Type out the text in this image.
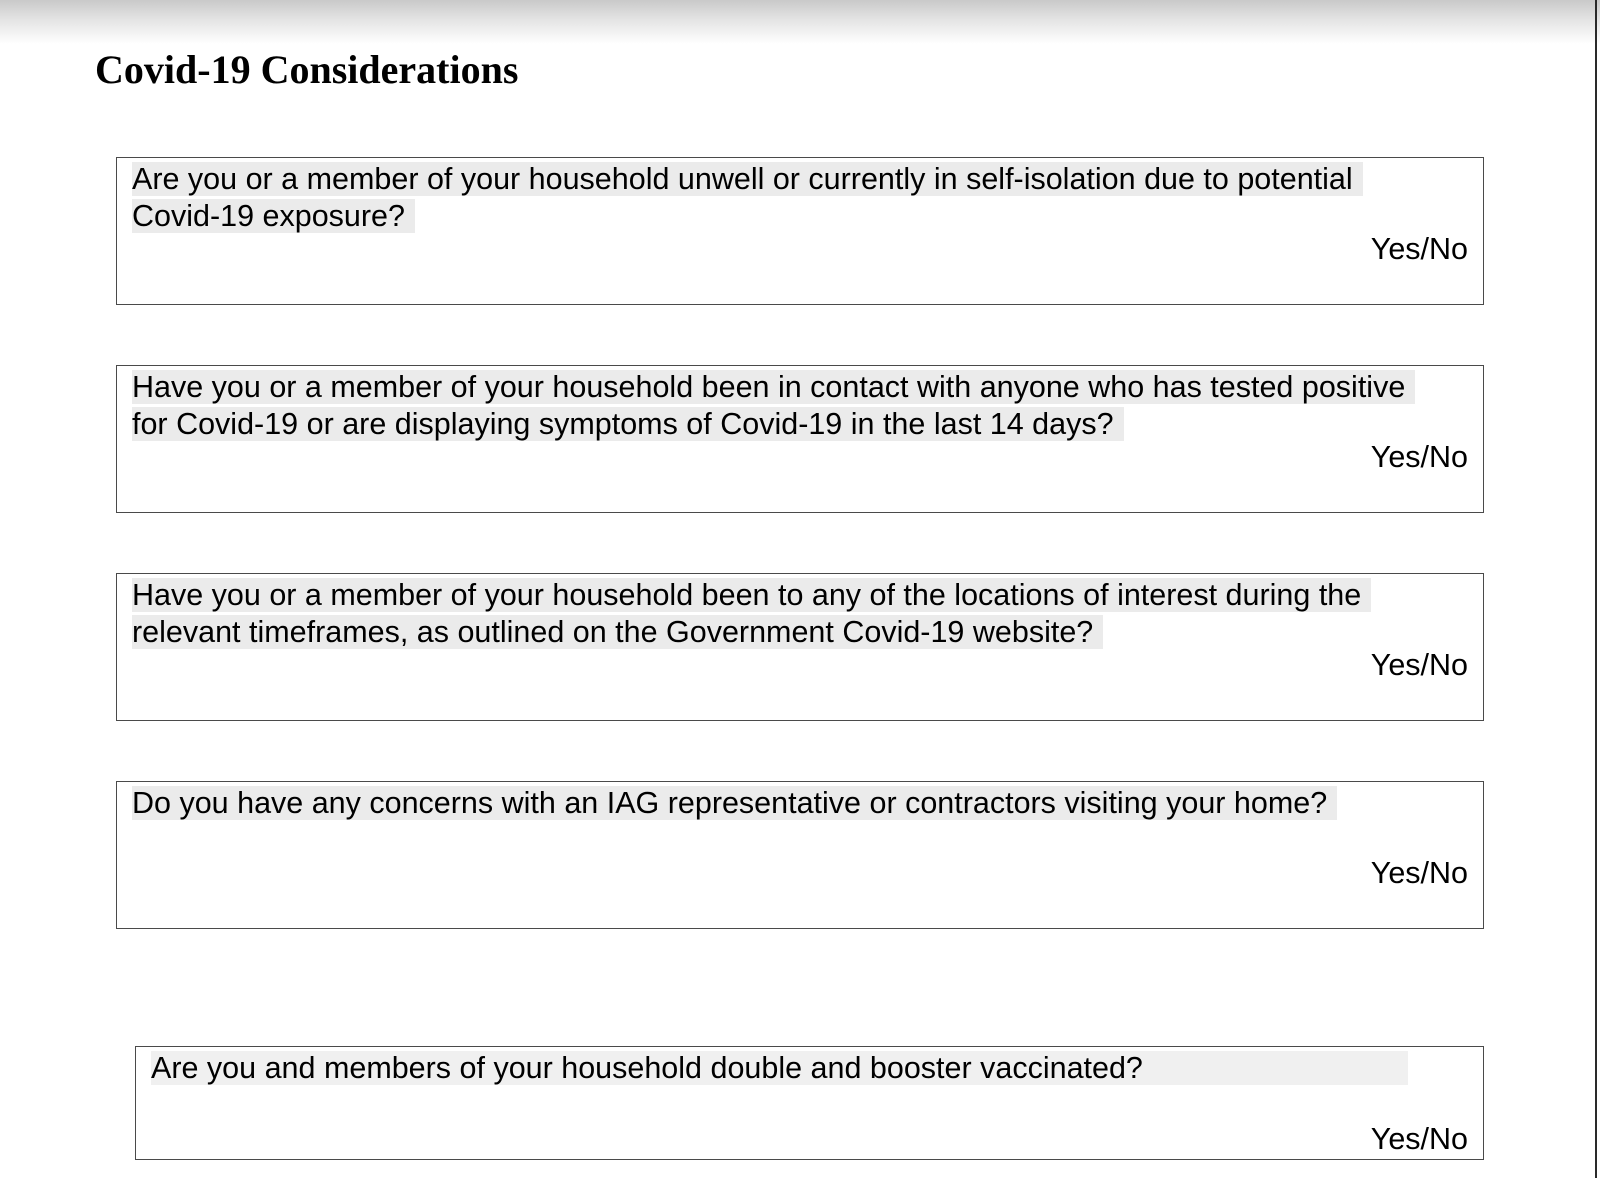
Covid-19 Considerations

Are you or a member of your household unwell or currently in self-isolation due to potential Covid-19 exposure?

Yes/No

Have you or a member of your household been in contact with anyone who has tested positive for Covid-19 or are displaying symptoms of Covid-19 in the last 14 days?

Yes/No

Have you or a member of your household been to any of the locations of interest during the relevant timeframes, as outlined on the Government Covid-19 website?

Yes/No

Do you have any concerns with an IAG representative or contractors visiting your home?

Yes/No

Are you and members of your household double and booster vaccinated?

Yes/No
